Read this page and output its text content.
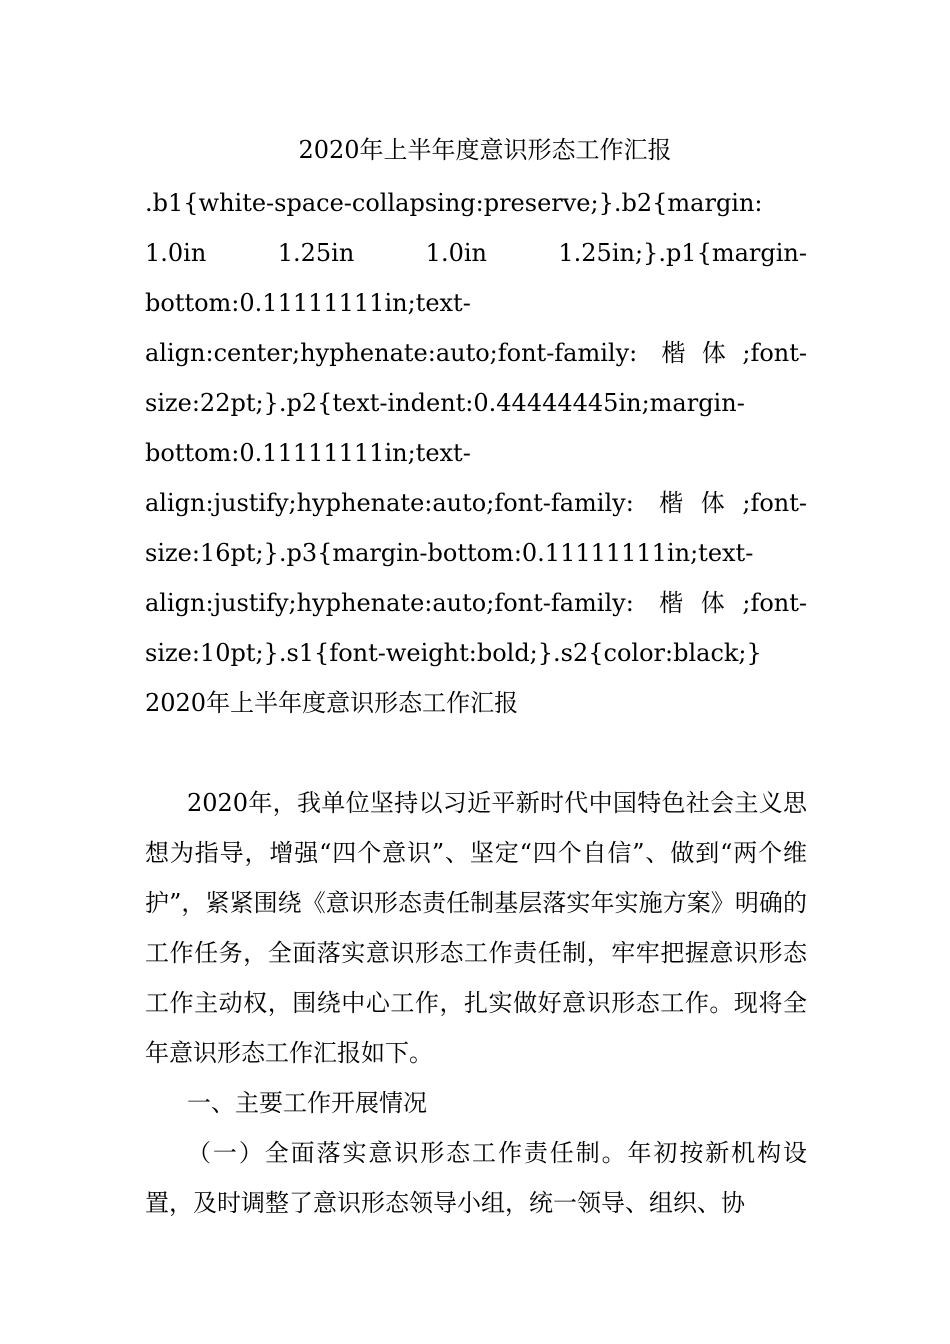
2020年上半年度意识形态工作汇报
.b1{white-space-collapsing:preserve;}.b2{margin: 1.0in 1.25in 1.0in 1.25in;}.p1{margin-bottom:0.11111111in;text-align:center;hyphenate:auto;font-family: 楷体;font-size:22pt;}.p2{text-indent:0.44444445in;margin-bottom:0.11111111in;text-align:justify;hyphenate:auto;font-family: 楷体;font-size:16pt;}.p3{margin-bottom:0.11111111in;text-align:justify;hyphenate:auto;font-family: 楷体;font-size:10pt;}.s1{font-weight:bold;}.s2{color:black;}
2020年上半年度意识形态工作汇报

2020年，我单位坚持以习近平新时代中国特色社会主义思想为指导，增强“四个意识”、坚定“四个自信”、做到“两个维护”，紧紧围绕《意识形态责任制基层落实年实施方案》明确的工作任务，全面落实意识形态工作责任制，牢牢把握意识形态工作主动权，围绕中心工作，扎实做好意识形态工作。现将全年意识形态工作汇报如下。

一、主要工作开展情况

（一）全面落实意识形态工作责任制。年初按新机构设置，及时调整了意识形态领导小组，统一领导、组织、协
